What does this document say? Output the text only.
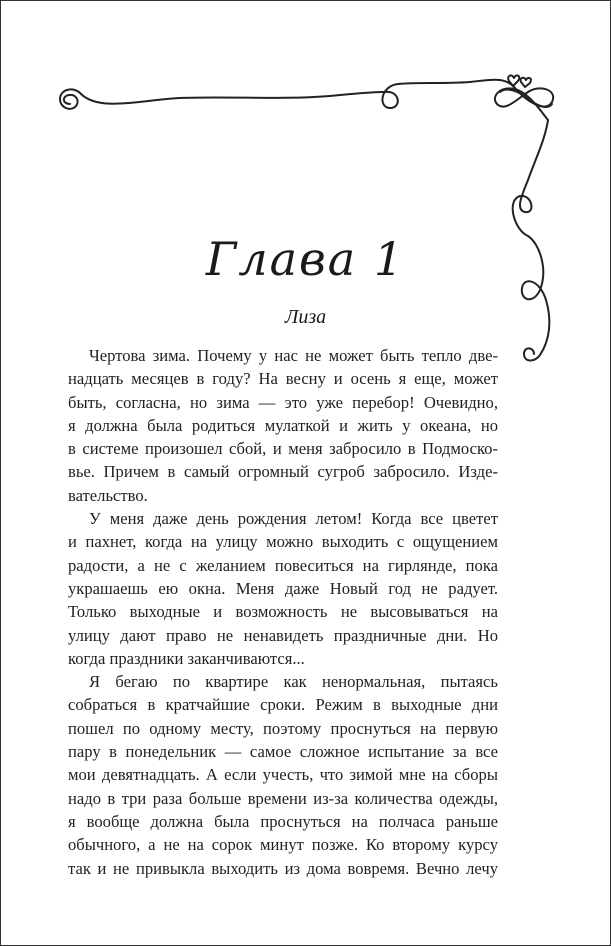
Глава 1
Лиза
Чертова зима. Почему у нас не может быть тепло две-
надцать месяцев в году? На весну и осень я еще, может
быть, согласна, но зима — это уже перебор! Очевидно,
я должна была родиться мулаткой и жить у океана, но
в системе произошел сбой, и меня забросило в Подмоско-
вье. Причем в самый огромный сугроб забросило. Изде-
вательство.
У меня даже день рождения летом! Когда все цветет
и пахнет, когда на улицу можно выходить с ощущением
радости, а не с желанием повеситься на гирлянде, пока
украшаешь ею окна. Меня даже Новый год не радует.
Только выходные и возможность не высовываться на
улицу дают право не ненавидеть праздничные дни. Но
когда праздники заканчиваются...
Я бегаю по квартире как ненормальная, пытаясь
собраться в кратчайшие сроки. Режим в выходные дни
пошел по одному месту, поэтому проснуться на первую
пару в понедельник — самое сложное испытание за все
мои девятнадцать. А если учесть, что зимой мне на сборы
надо в три раза больше времени из-за количества одежды,
я вообще должна была проснуться на полчаса раньше
обычного, а не на сорок минут позже. Ко второму курсу
так и не привыкла выходить из дома вовремя. Вечно лечу
